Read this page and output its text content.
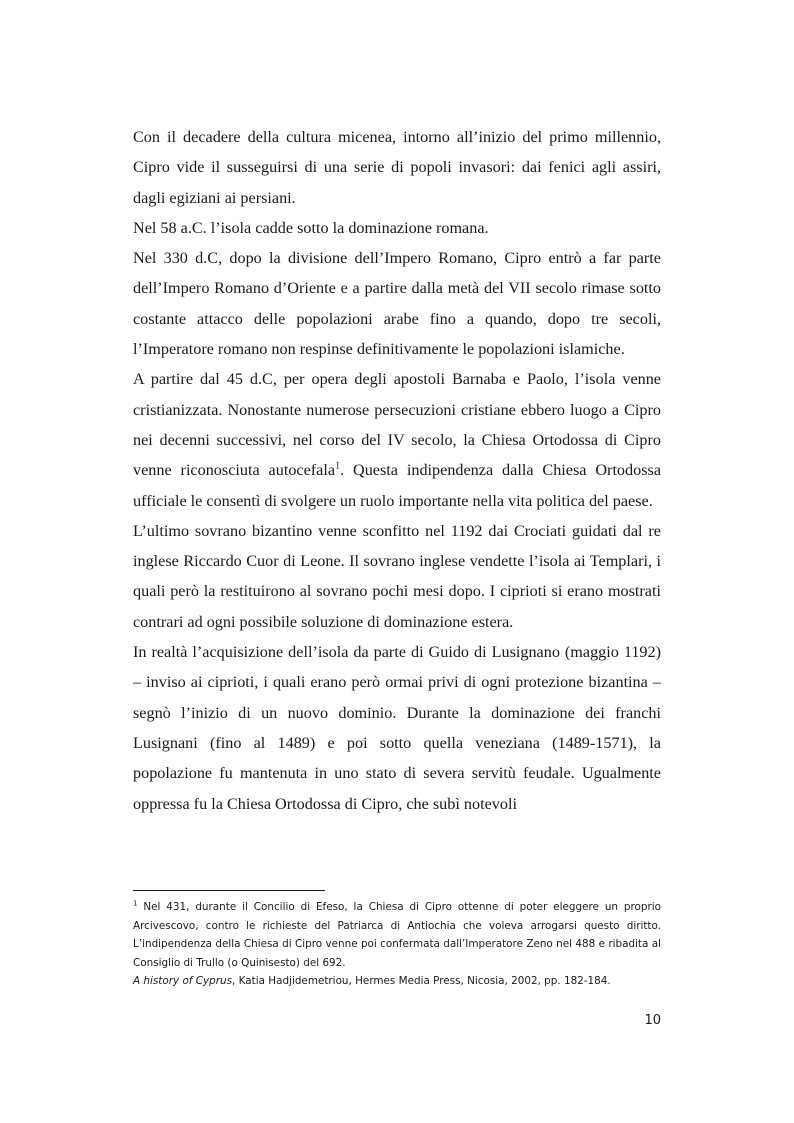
Con il decadere della cultura micenea, intorno all’inizio del primo millennio, Cipro vide il susseguirsi di una serie di popoli invasori: dai fenici agli assiri, dagli egiziani ai persiani.

Nel 58 a.C. l’isola cadde sotto la dominazione romana.

Nel 330 d.C, dopo la divisione dell’Impero Romano, Cipro entrò a far parte dell’Impero Romano d’Oriente e a partire dalla metà del VII secolo rimase sotto costante attacco delle popolazioni arabe fino a quando, dopo tre secoli, l’Imperatore romano non respinse definitivamente le popolazioni islamiche.

A partire dal 45 d.C, per opera degli apostoli Barnaba e Paolo, l’isola venne cristianizzata. Nonostante numerose persecuzioni cristiane ebbero luogo a Cipro nei decenni successivi, nel corso del IV secolo, la Chiesa Ortodossa di Cipro venne riconosciuta autocefala$^1$. Questa indipendenza dalla Chiesa Ortodossa ufficiale le consentì di svolgere un ruolo importante nella vita politica del paese.

L’ultimo sovrano bizantino venne sconfitto nel 1192 dai Crociati guidati dal re inglese Riccardo Cuor di Leone. Il sovrano inglese vendette l’isola ai Templari, i quali però la restituirono al sovrano pochi mesi dopo. I ciprioti si erano mostrati contrari ad ogni possibile soluzione di dominazione estera.

In realtà l’acquisizione dell’isola da parte di Guido di Lusignano (maggio 1192) – inviso ai ciprioti, i quali erano però ormai privi di ogni protezione bizantina – segnò l’inizio di un nuovo dominio. Durante la dominazione dei franchi Lusignani (fino al 1489) e poi sotto quella veneziana (1489-1571), la popolazione fu mantenuta in uno stato di severa servitù feudale. Ugualmente oppressa fu la Chiesa Ortodossa di Cipro, che subì notevoli

$^1$ Nel 431, durante il Concilio di Efeso, la Chiesa di Cipro ottenne di poter eleggere un proprio Arcivescovo, contro le richieste del Patriarca di Antiochia che voleva arrogarsi questo diritto. L’indipendenza della Chiesa di Cipro venne poi confermata dall’Imperatore Zeno nel 488 e ribadita al Consiglio di Trullo (o Quinisesto) del 692.

A history of Cyprus, Katia Hadjidemetriou, Hermes Media Press, Nicosia, 2002, pp. 182-184.

10
